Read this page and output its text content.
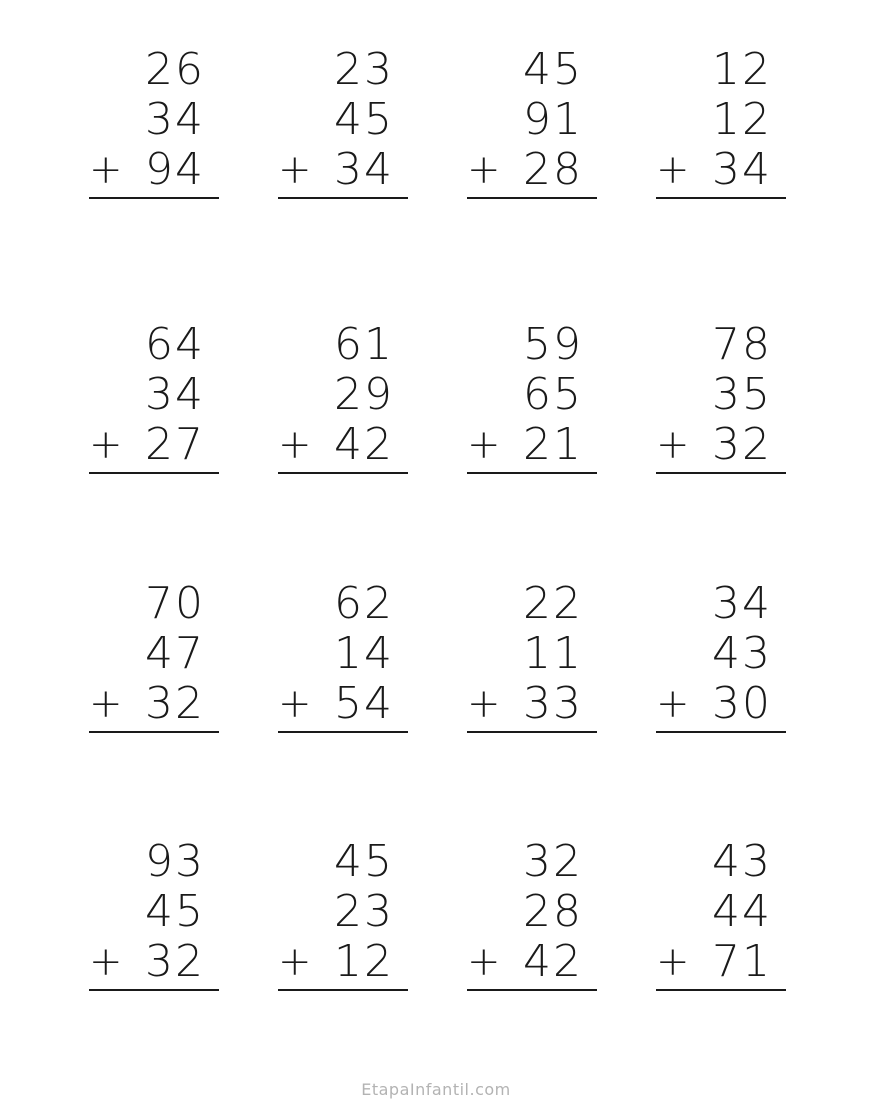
26
34
+ 94
23
45
+ 34
45
91
+ 28
12
12
+ 34
64
34
+ 27
61
29
+ 42
59
65
+ 21
78
35
+ 32
70
47
+ 32
62
14
+ 54
22
11
+ 33
34
43
+ 30
93
45
+ 32
45
23
+ 12
32
28
+ 42
43
44
+ 71
EtapaInfantil.com
